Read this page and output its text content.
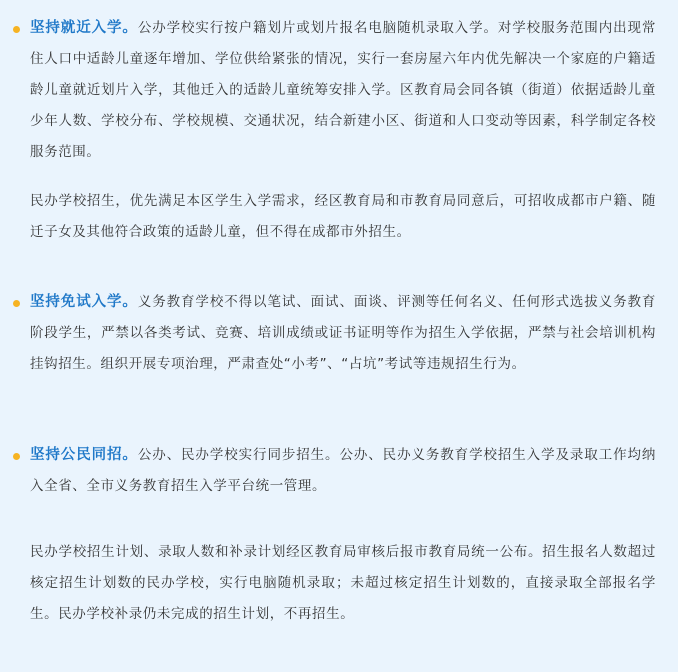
坚持就近入学。公办学校实行按户籍划片或划片报名电脑随机录取入学。对学校服务范围内出现常住人口中适龄儿童逐年增加、学位供给紧张的情况，实行一套房屋六年内优先解决一个家庭的户籍适龄儿童就近划片入学，其他迁入的适龄儿童统筹安排入学。区教育局会同各镇（街道）依据适龄儿童少年人数、学校分布、学校规模、交通状况，结合新建小区、街道和人口变动等因素，科学制定各校服务范围。

民办学校招生，优先满足本区学生入学需求，经区教育局和市教育局同意后，可招收成都市户籍、随迁子女及其他符合政策的适龄儿童，但不得在成都市外招生。

坚持免试入学。义务教育学校不得以笔试、面试、面谈、评测等任何名义、任何形式选拔义务教育阶段学生，严禁以各类考试、竞赛、培训成绩或证书证明等作为招生入学依据，严禁与社会培训机构挂钩招生。组织开展专项治理，严肃查处“小考”、“占坑”考试等违规招生行为。

坚持公民同招。公办、民办学校实行同步招生。公办、民办义务教育学校招生入学及录取工作均纳入全省、全市义务教育招生入学平台统一管理。

民办学校招生计划、录取人数和补录计划经区教育局审核后报市教育局统一公布。招生报名人数超过核定招生计划数的民办学校，实行电脑随机录取；未超过核定招生计划数的，直接录取全部报名学生。民办学校补录仍未完成的招生计划，不再招生。
